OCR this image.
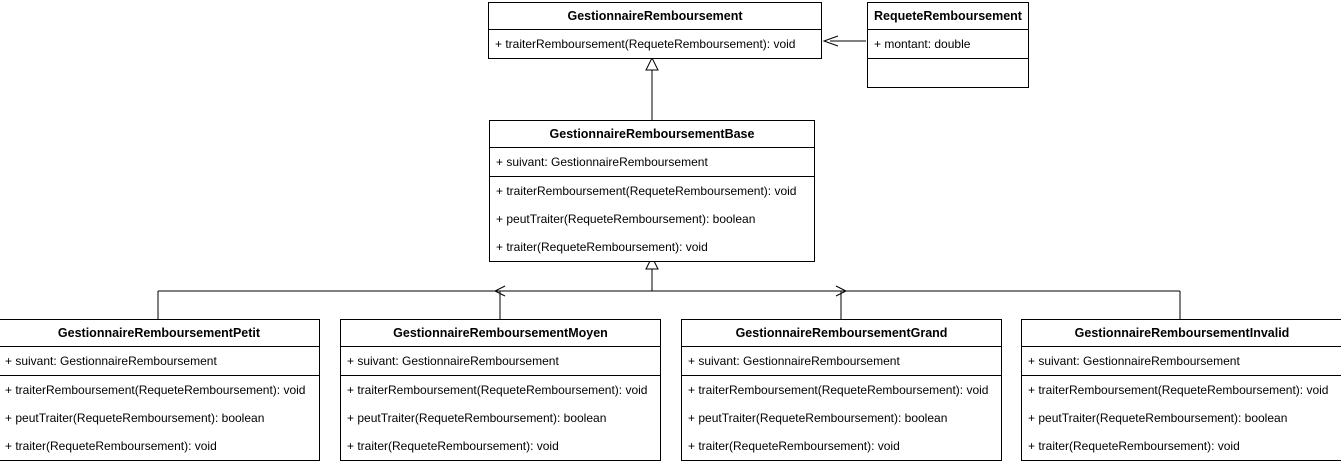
GestionnaireRemboursement
+ traiterRemboursement(RequeteRemboursement): void
RequeteRemboursement
+ montant: double
GestionnaireRemboursementBase
+ suivant: GestionnaireRemboursement
+ traiterRemboursement(RequeteRemboursement): void
+ peutTraiter(RequeteRemboursement): boolean
+ traiter(RequeteRemboursement): void
GestionnaireRemboursementPetit
+ suivant: GestionnaireRemboursement
+ traiterRemboursement(RequeteRemboursement): void
+ peutTraiter(RequeteRemboursement): boolean
+ traiter(RequeteRemboursement): void
GestionnaireRemboursementMoyen
+ suivant: GestionnaireRemboursement
+ traiterRemboursement(RequeteRemboursement): void
+ peutTraiter(RequeteRemboursement): boolean
+ traiter(RequeteRemboursement): void
GestionnaireRemboursementGrand
+ suivant: GestionnaireRemboursement
+ traiterRemboursement(RequeteRemboursement): void
+ peutTraiter(RequeteRemboursement): boolean
+ traiter(RequeteRemboursement): void
GestionnaireRemboursementInvalid
+ suivant: GestionnaireRemboursement
+ traiterRemboursement(RequeteRemboursement): void
+ peutTraiter(RequeteRemboursement): boolean
+ traiter(RequeteRemboursement): void
